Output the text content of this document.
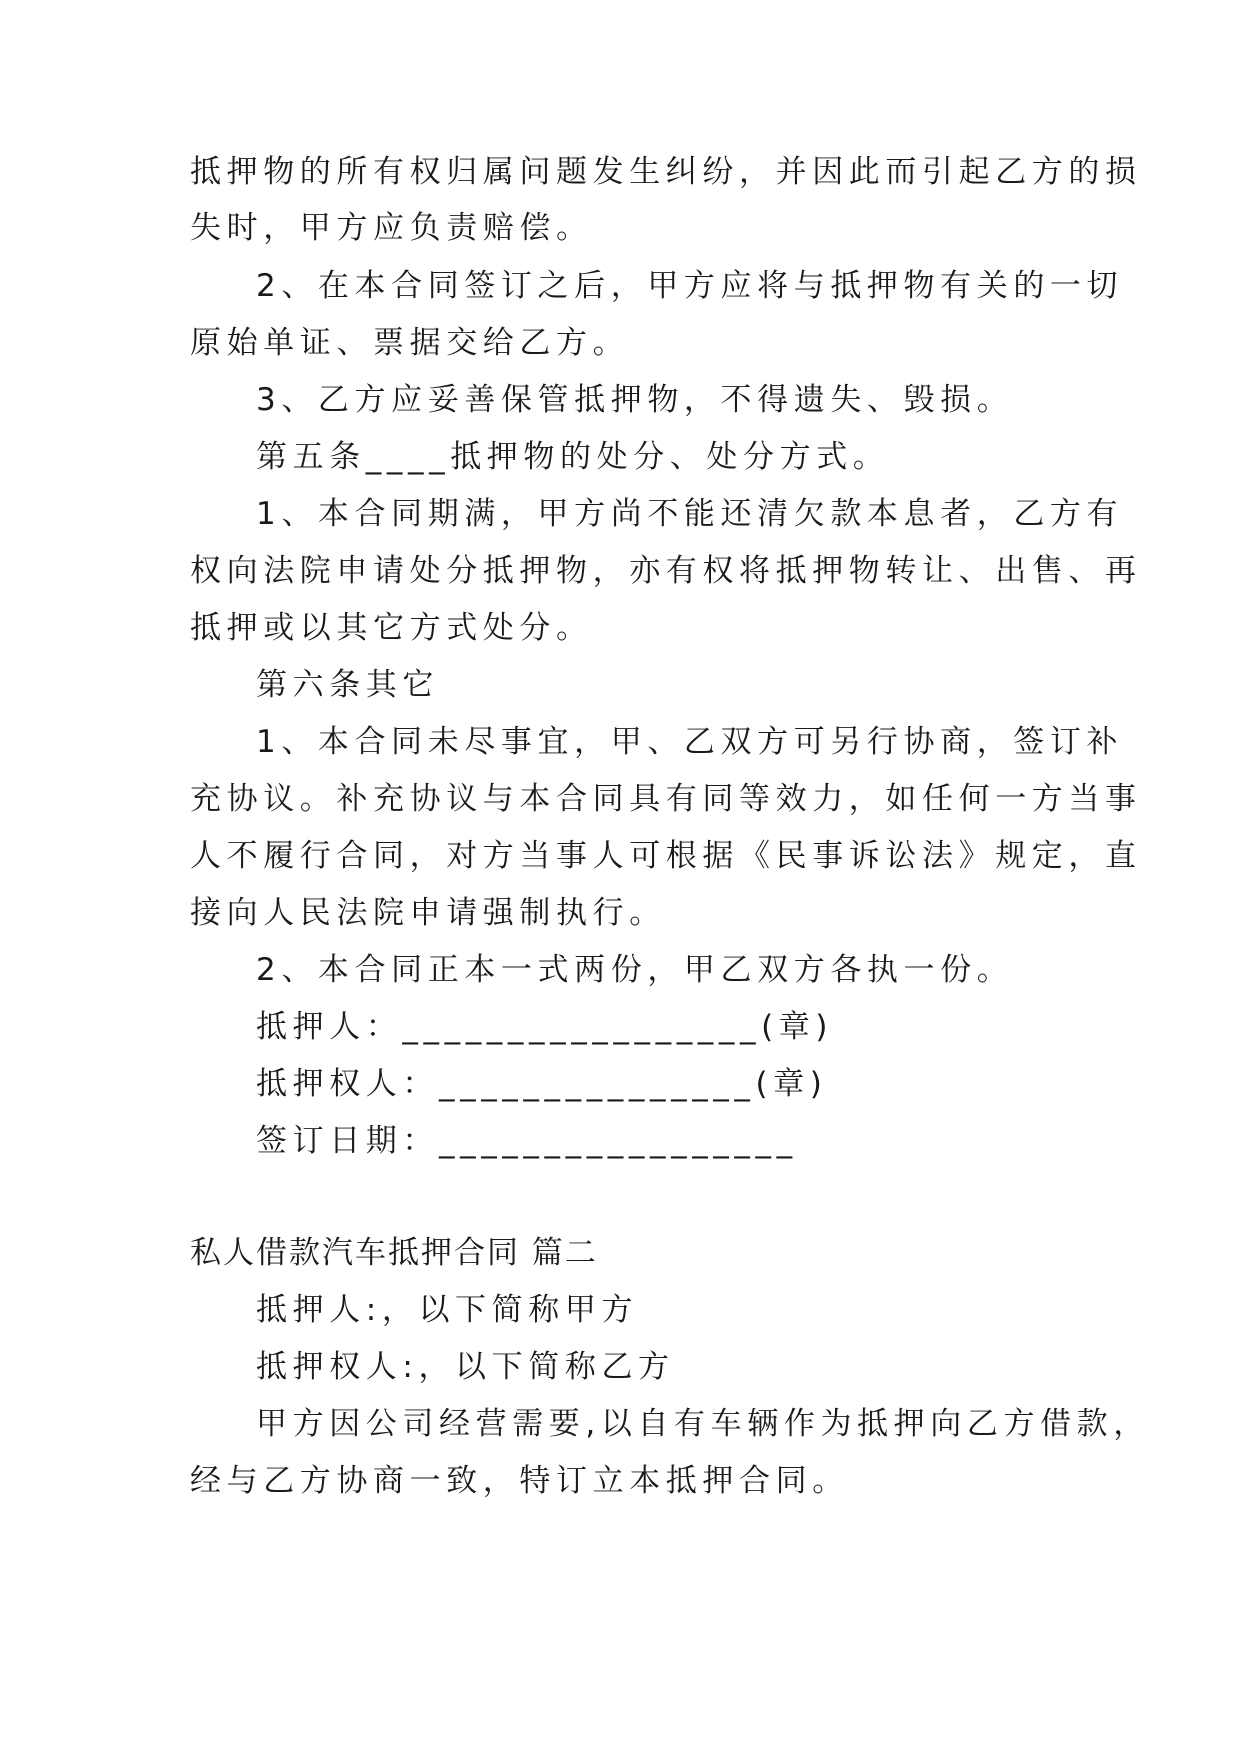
抵押物的所有权归属问题发生纠纷，并因此而引起乙方的损
失时，甲方应负责赔偿。
2、在本合同签订之后，甲方应将与抵押物有关的一切
原始单证、票据交给乙方。
3、乙方应妥善保管抵押物，不得遗失、毁损。
第五条____抵押物的处分、处分方式。
1、本合同期满，甲方尚不能还清欠款本息者，乙方有
权向法院申请处分抵押物，亦有权将抵押物转让、出售、再
抵押或以其它方式处分。
第六条其它
1、本合同未尽事宜，甲、乙双方可另行协商，签订补
充协议。补充协议与本合同具有同等效力，如任何一方当事
人不履行合同，对方当事人可根据《民事诉讼法》规定，直
接向人民法院申请强制执行。
2、本合同正本一式两份，甲乙双方各执一份。
抵押人：_________________(章)
抵押权人：_______________(章)
签订日期：_________________
私人借款汽车抵押合同 篇二
抵押人:，以下简称甲方
抵押权人:，以下简称乙方
甲方因公司经营需要,以自有车辆作为抵押向乙方借款，
经与乙方协商一致，特订立本抵押合同。
